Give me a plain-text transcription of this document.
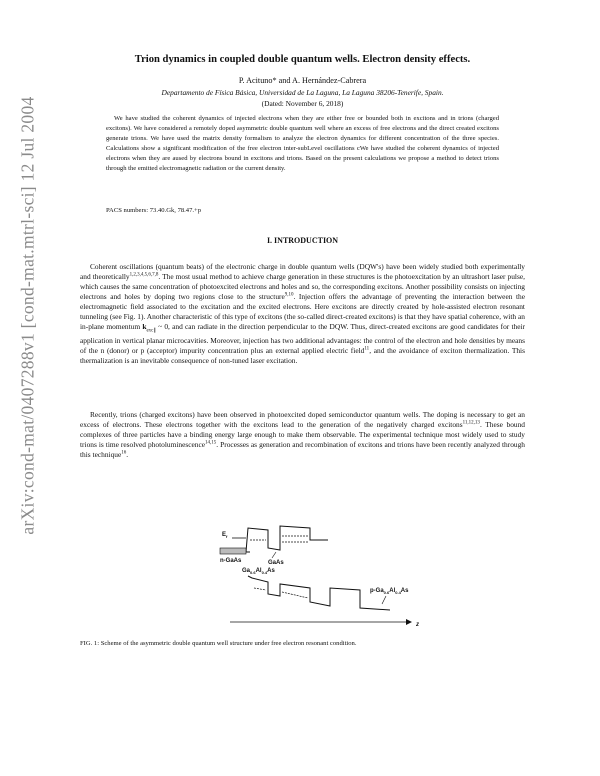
arXiv:cond-mat/0407288v1 [cond-mat.mtrl-sci] 12 Jul 2004
Trion dynamics in coupled double quantum wells. Electron density effects.
P. Acituno* and A. Hernández-Cabrera
Departamento de Física Básica, Universidad de La Laguna, La Laguna 38206-Tenerife, Spain.
(Dated: November 6, 2018)

We have studied the coherent dynamics of injected electrons when they are either free or bounded both in excitons and in trions (charged excitons). We have considered a remotely doped asymmetric double quantum well where an excess of free electrons and the direct created excitons generate trions. We have used the matrix density formalism to analyze the electron dynamics for different concentration of the three species. Calculations show a significant modification of the free electron inter-subLevel oscillations cWe have studied the coherent dynamics of injected electrons when they are aused by electrons bound in excitons and trions. Based on the present calculations we propose a method to detect trions through the emitted electromagnetic radiation or the current density.

PACS numbers: 73.40.Gk, 78.47.+p

I. INTRODUCTION

Coherent oscillations (quantum beats) of the electronic charge in double quantum wells (DQW's) have been widely studied both experimentally and theoretically$^{1,2,3,4,5,6,7,8}$. The most usual method to achieve charge generation in these structures is the photoexcitation by an ultrashort laser pulse, which causes the same concentration of photoexcited electrons and holes and so, the corresponding excitons. Another possibility consists on injecting electrons and holes by doping two regions close to the structure$^{9,10}$. Injection offers the advantage of preventing the interaction between the electromagnetic field associated to the excitation and the excited electrons. Here excitons are directly created by hole-assisted electron resonant tunneling (see Fig. 1). Another characteristic of this type of excitons (the so-called direct-created excitons) is that they have spatial coherence, with an in-plane momentum $k_{exc\parallel}$ ~ 0, and can radiate in the direction perpendicular to the DQW. Thus, direct-created excitons are good candidates for their application in vertical planar microcavities. Moreover, injection has two additional advantages: the control of the electron and hole densities by means of the n (donor) or p (acceptor) impurity concentration plus an external applied electric field$^{11}$, and the avoidance of exciton thermalization. This thermalization is an inevitable consequence of non-tuned laser excitation.

Recently, trions (charged excitons) have been observed in photoexcited doped semiconductor quantum wells. The doping is necessary to get an excess of electrons. These electrons together with the excitons lead to the generation of the negatively charged excitons$^{11,12,13}$. These bound complexes of three particles have a binding energy large enough to make them observable. The experimental technique most widely used to study trions is time resolved photoluminescence$^{14,15}$. Processes as generation and recombination of excitons and trions have been recently analyzed through this technique$^{16}$.

$E_f$
n-GaAs	GaAs
$Ga_{0.6}Al_{0.4}As$
$p-Ga_{0.6}Al_{0.4}As$
z

FIG. 1: Scheme of the asymmetric double quantum well structure under free electron resonant condition.
